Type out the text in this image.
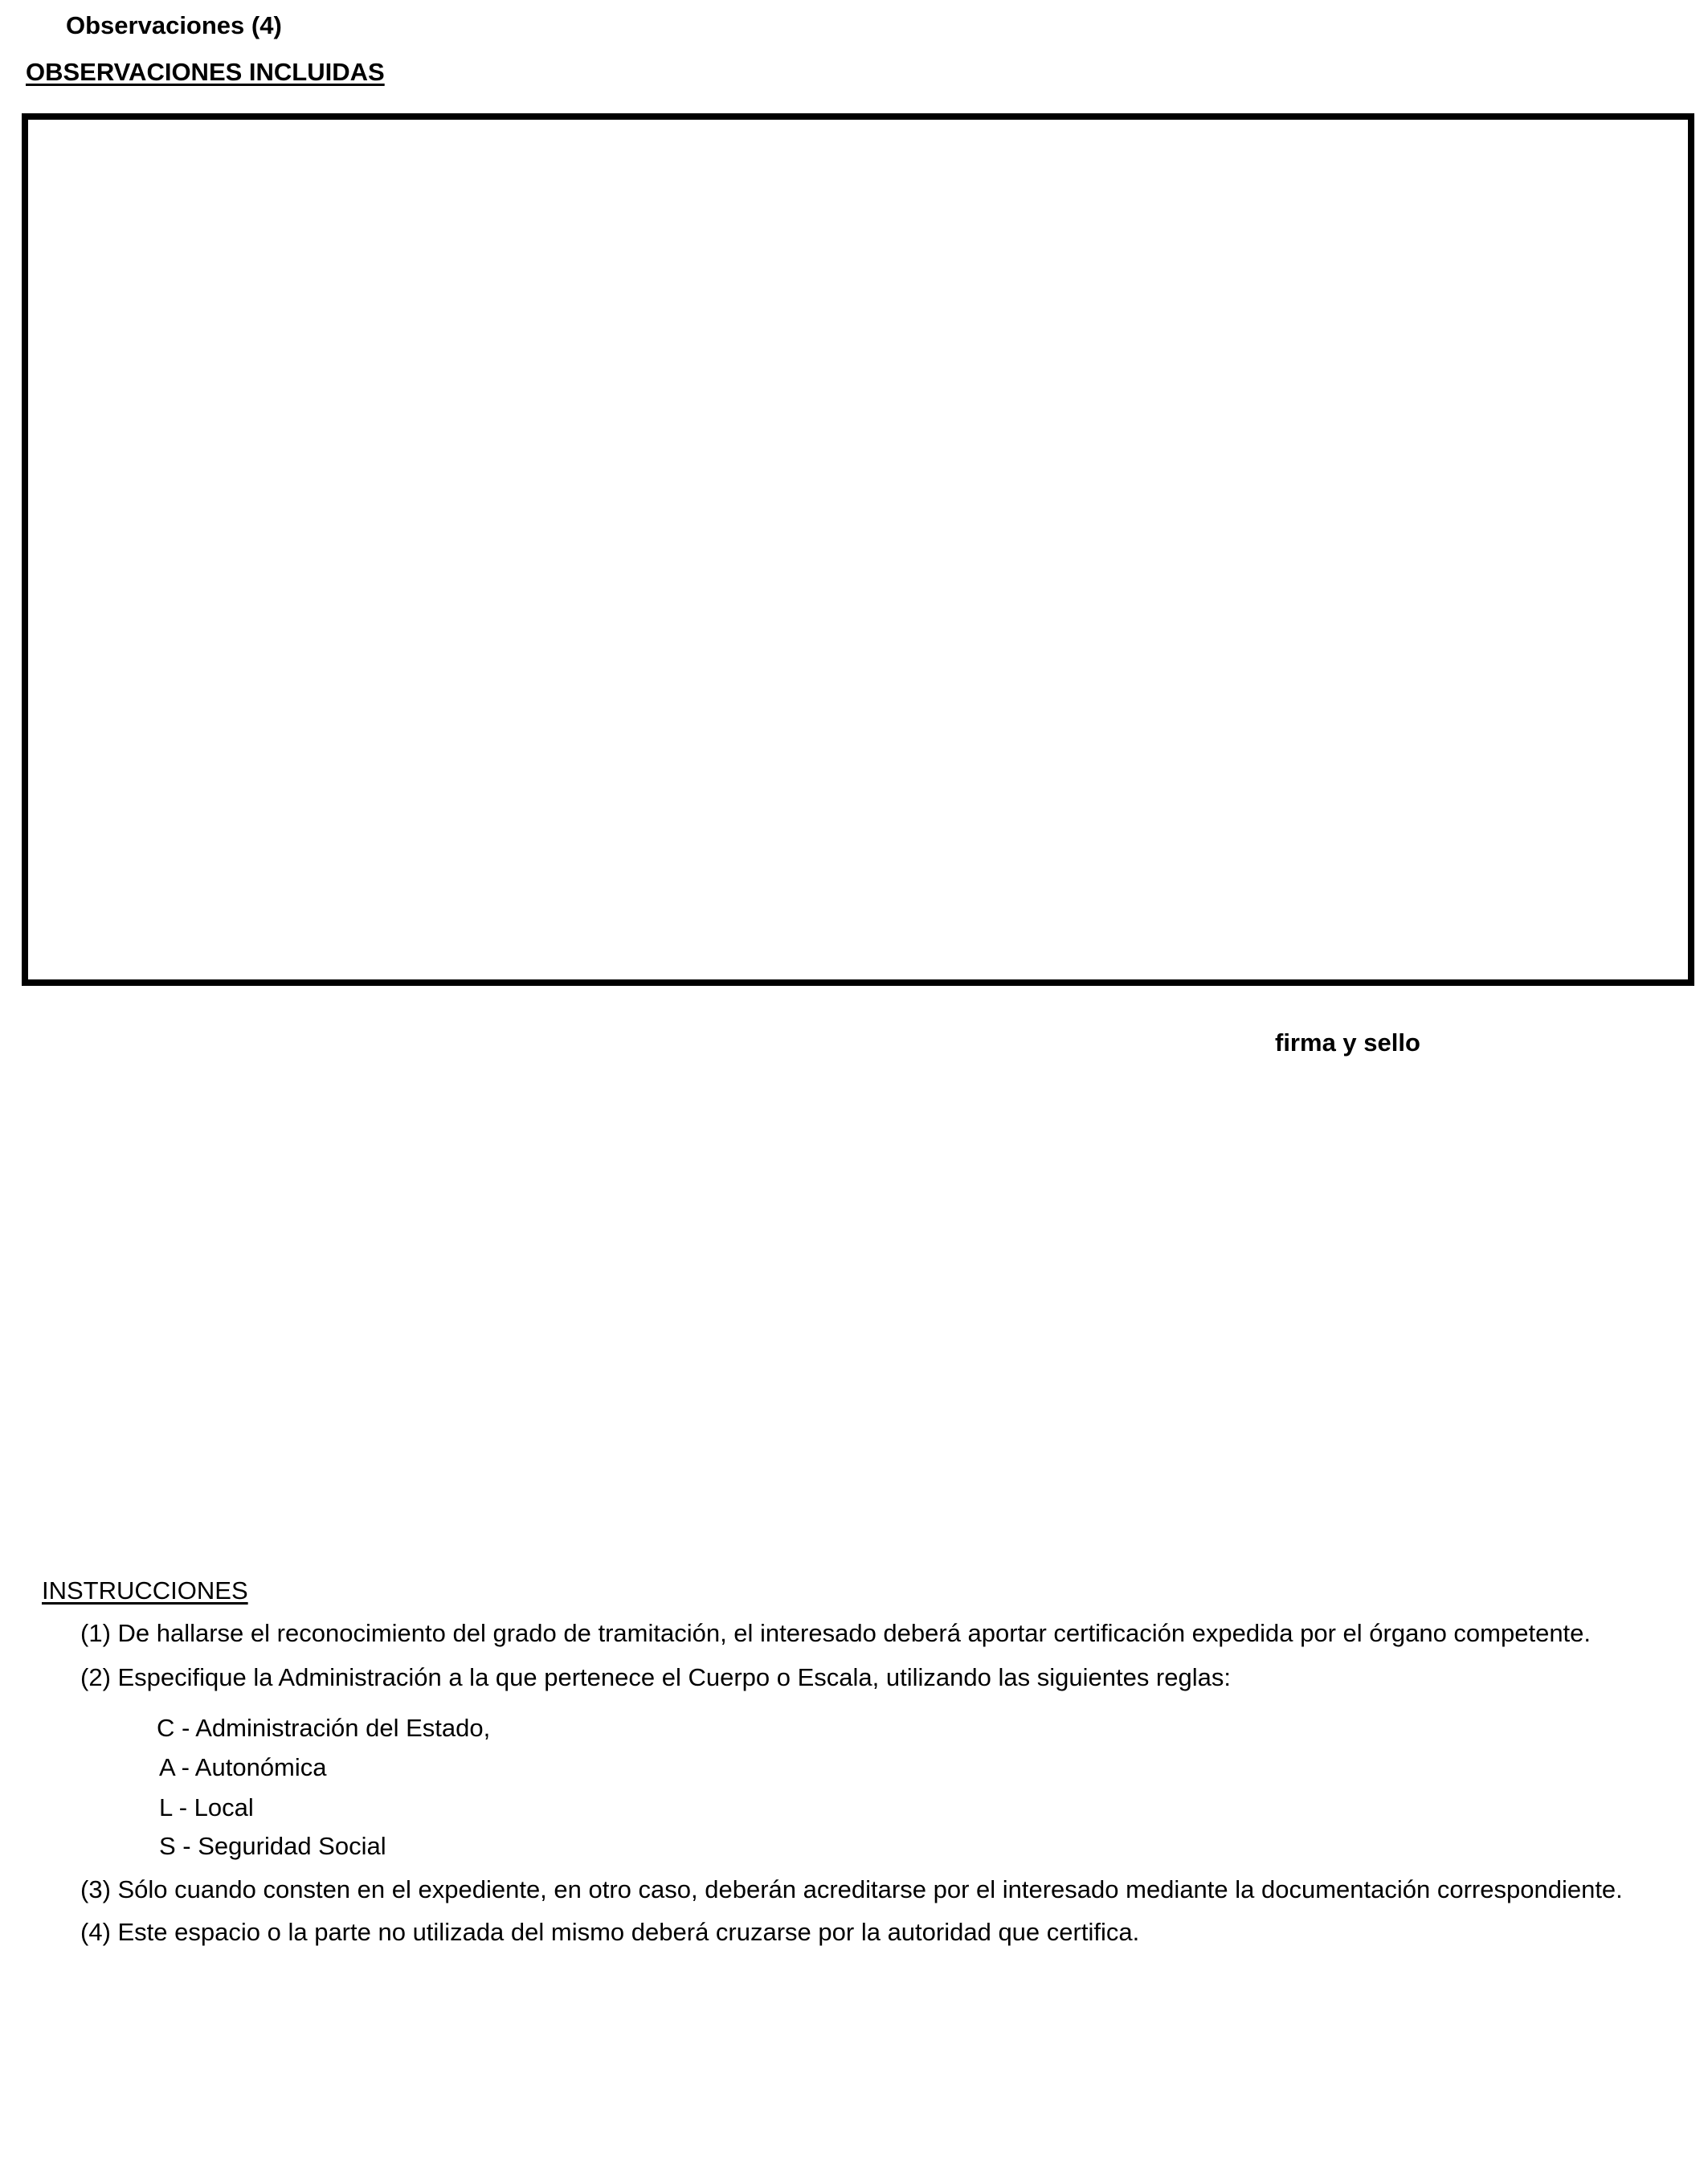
Observaciones (4)
OBSERVACIONES INCLUIDAS
firma y sello
INSTRUCCIONES
(1) De hallarse el reconocimiento del grado de tramitación, el interesado deberá aportar certificación expedida por el órgano competente.
(2) Especifique la Administración a la que pertenece el Cuerpo o Escala, utilizando las siguientes reglas:
C - Administración del Estado,
A - Autonómica
L - Local
S - Seguridad Social
(3) Sólo cuando consten en el expediente, en otro caso, deberán acreditarse por el interesado mediante la documentación correspondiente.
(4) Este espacio o la parte no utilizada del mismo deberá cruzarse por la autoridad que certifica.
